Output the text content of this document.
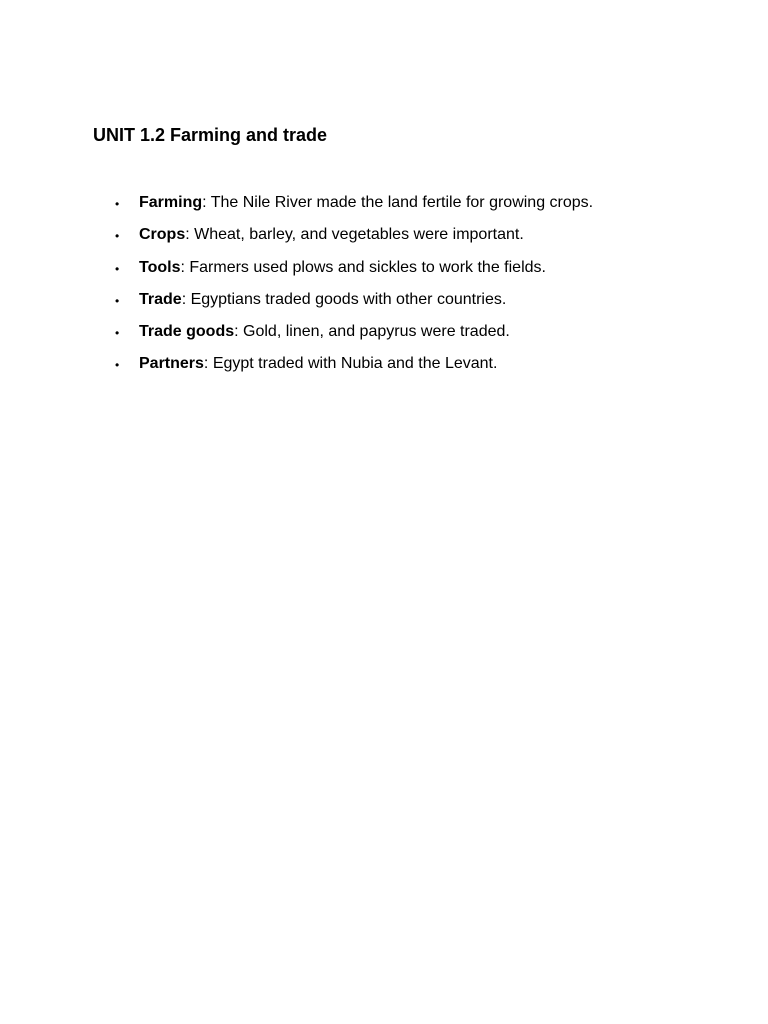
UNIT 1.2 Farming and trade
• Farming: The Nile River made the land fertile for growing crops.
• Crops: Wheat, barley, and vegetables were important.
• Tools: Farmers used plows and sickles to work the fields.
• Trade: Egyptians traded goods with other countries.
• Trade goods: Gold, linen, and papyrus were traded.
• Partners: Egypt traded with Nubia and the Levant.
